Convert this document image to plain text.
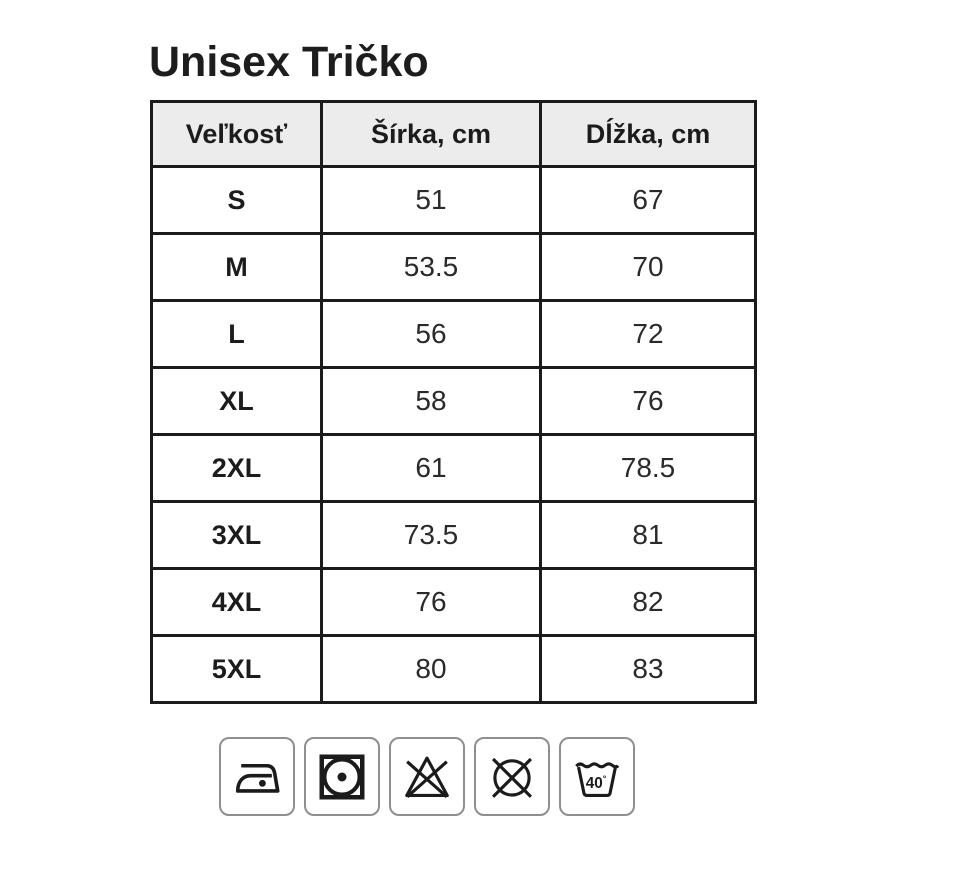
Unisex Tričko
Veľkosť	Šírka, cm	Dĺžka, cm
S	51	67
M	53.5	70
L	56	72
XL	58	76
2XL	61	78.5
3XL	73.5	81
4XL	76	82
5XL	80	83
40°
